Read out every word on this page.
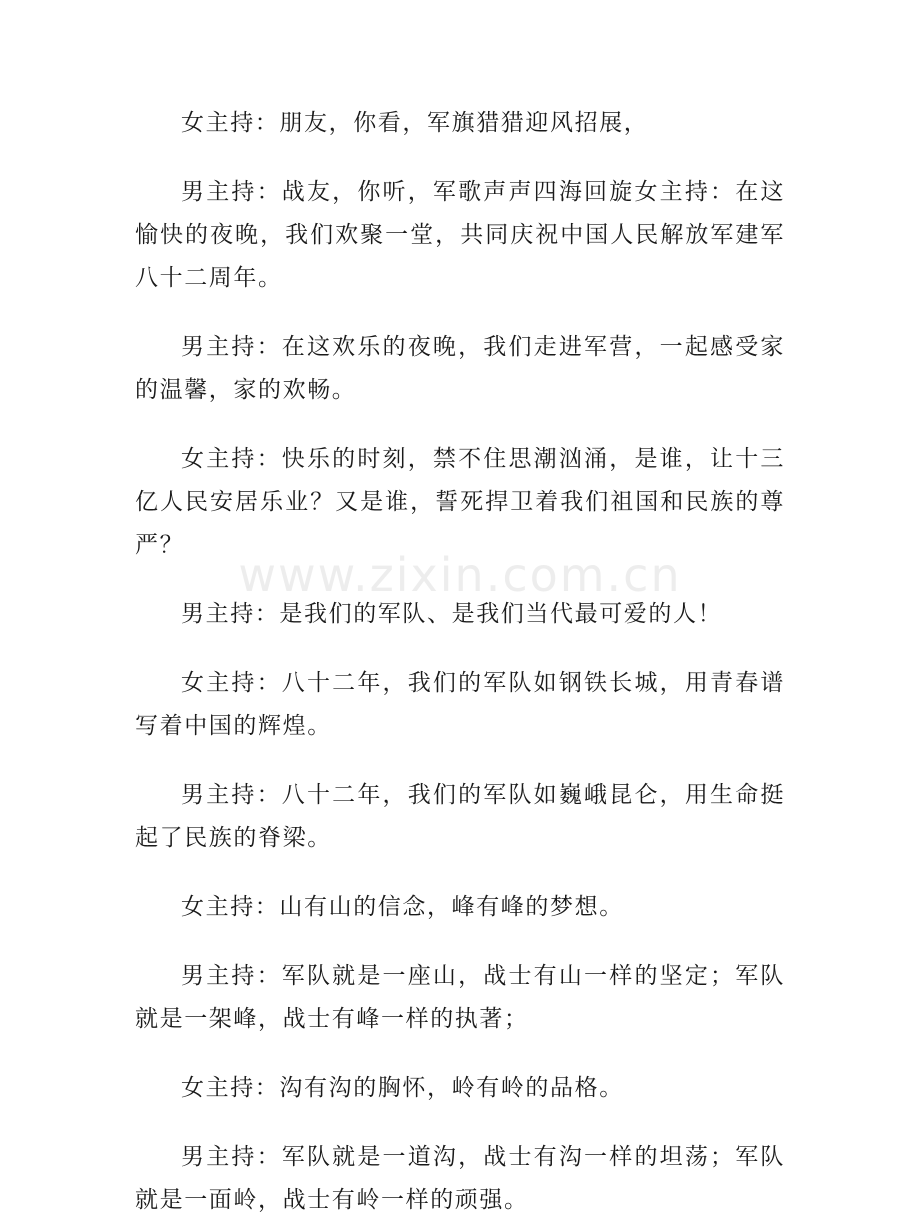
女主持：朋友，你看，军旗猎猎迎风招展，

男主持：战友，你听，军歌声声四海回旋女主持：在这愉快的夜晚，我们欢聚一堂，共同庆祝中国人民解放军建军八十二周年。

男主持：在这欢乐的夜晚，我们走进军营，一起感受家的温馨，家的欢畅。

女主持：快乐的时刻，禁不住思潮汹涌，是谁，让十三亿人民安居乐业？又是谁，誓死捍卫着我们祖国和民族的尊严？

男主持：是我们的军队、是我们当代最可爱的人！

女主持：八十二年，我们的军队如钢铁长城，用青春谱写着中国的辉煌。

男主持：八十二年，我们的军队如巍峨昆仑，用生命挺起了民族的脊梁。

女主持：山有山的信念，峰有峰的梦想。

男主持：军队就是一座山，战士有山一样的坚定；军队就是一架峰，战士有峰一样的执著；

女主持：沟有沟的胸怀，岭有岭的品格。

男主持：军队就是一道沟，战士有沟一样的坦荡；军队就是一面岭，战士有岭一样的顽强。

www.zixin.com.cn
